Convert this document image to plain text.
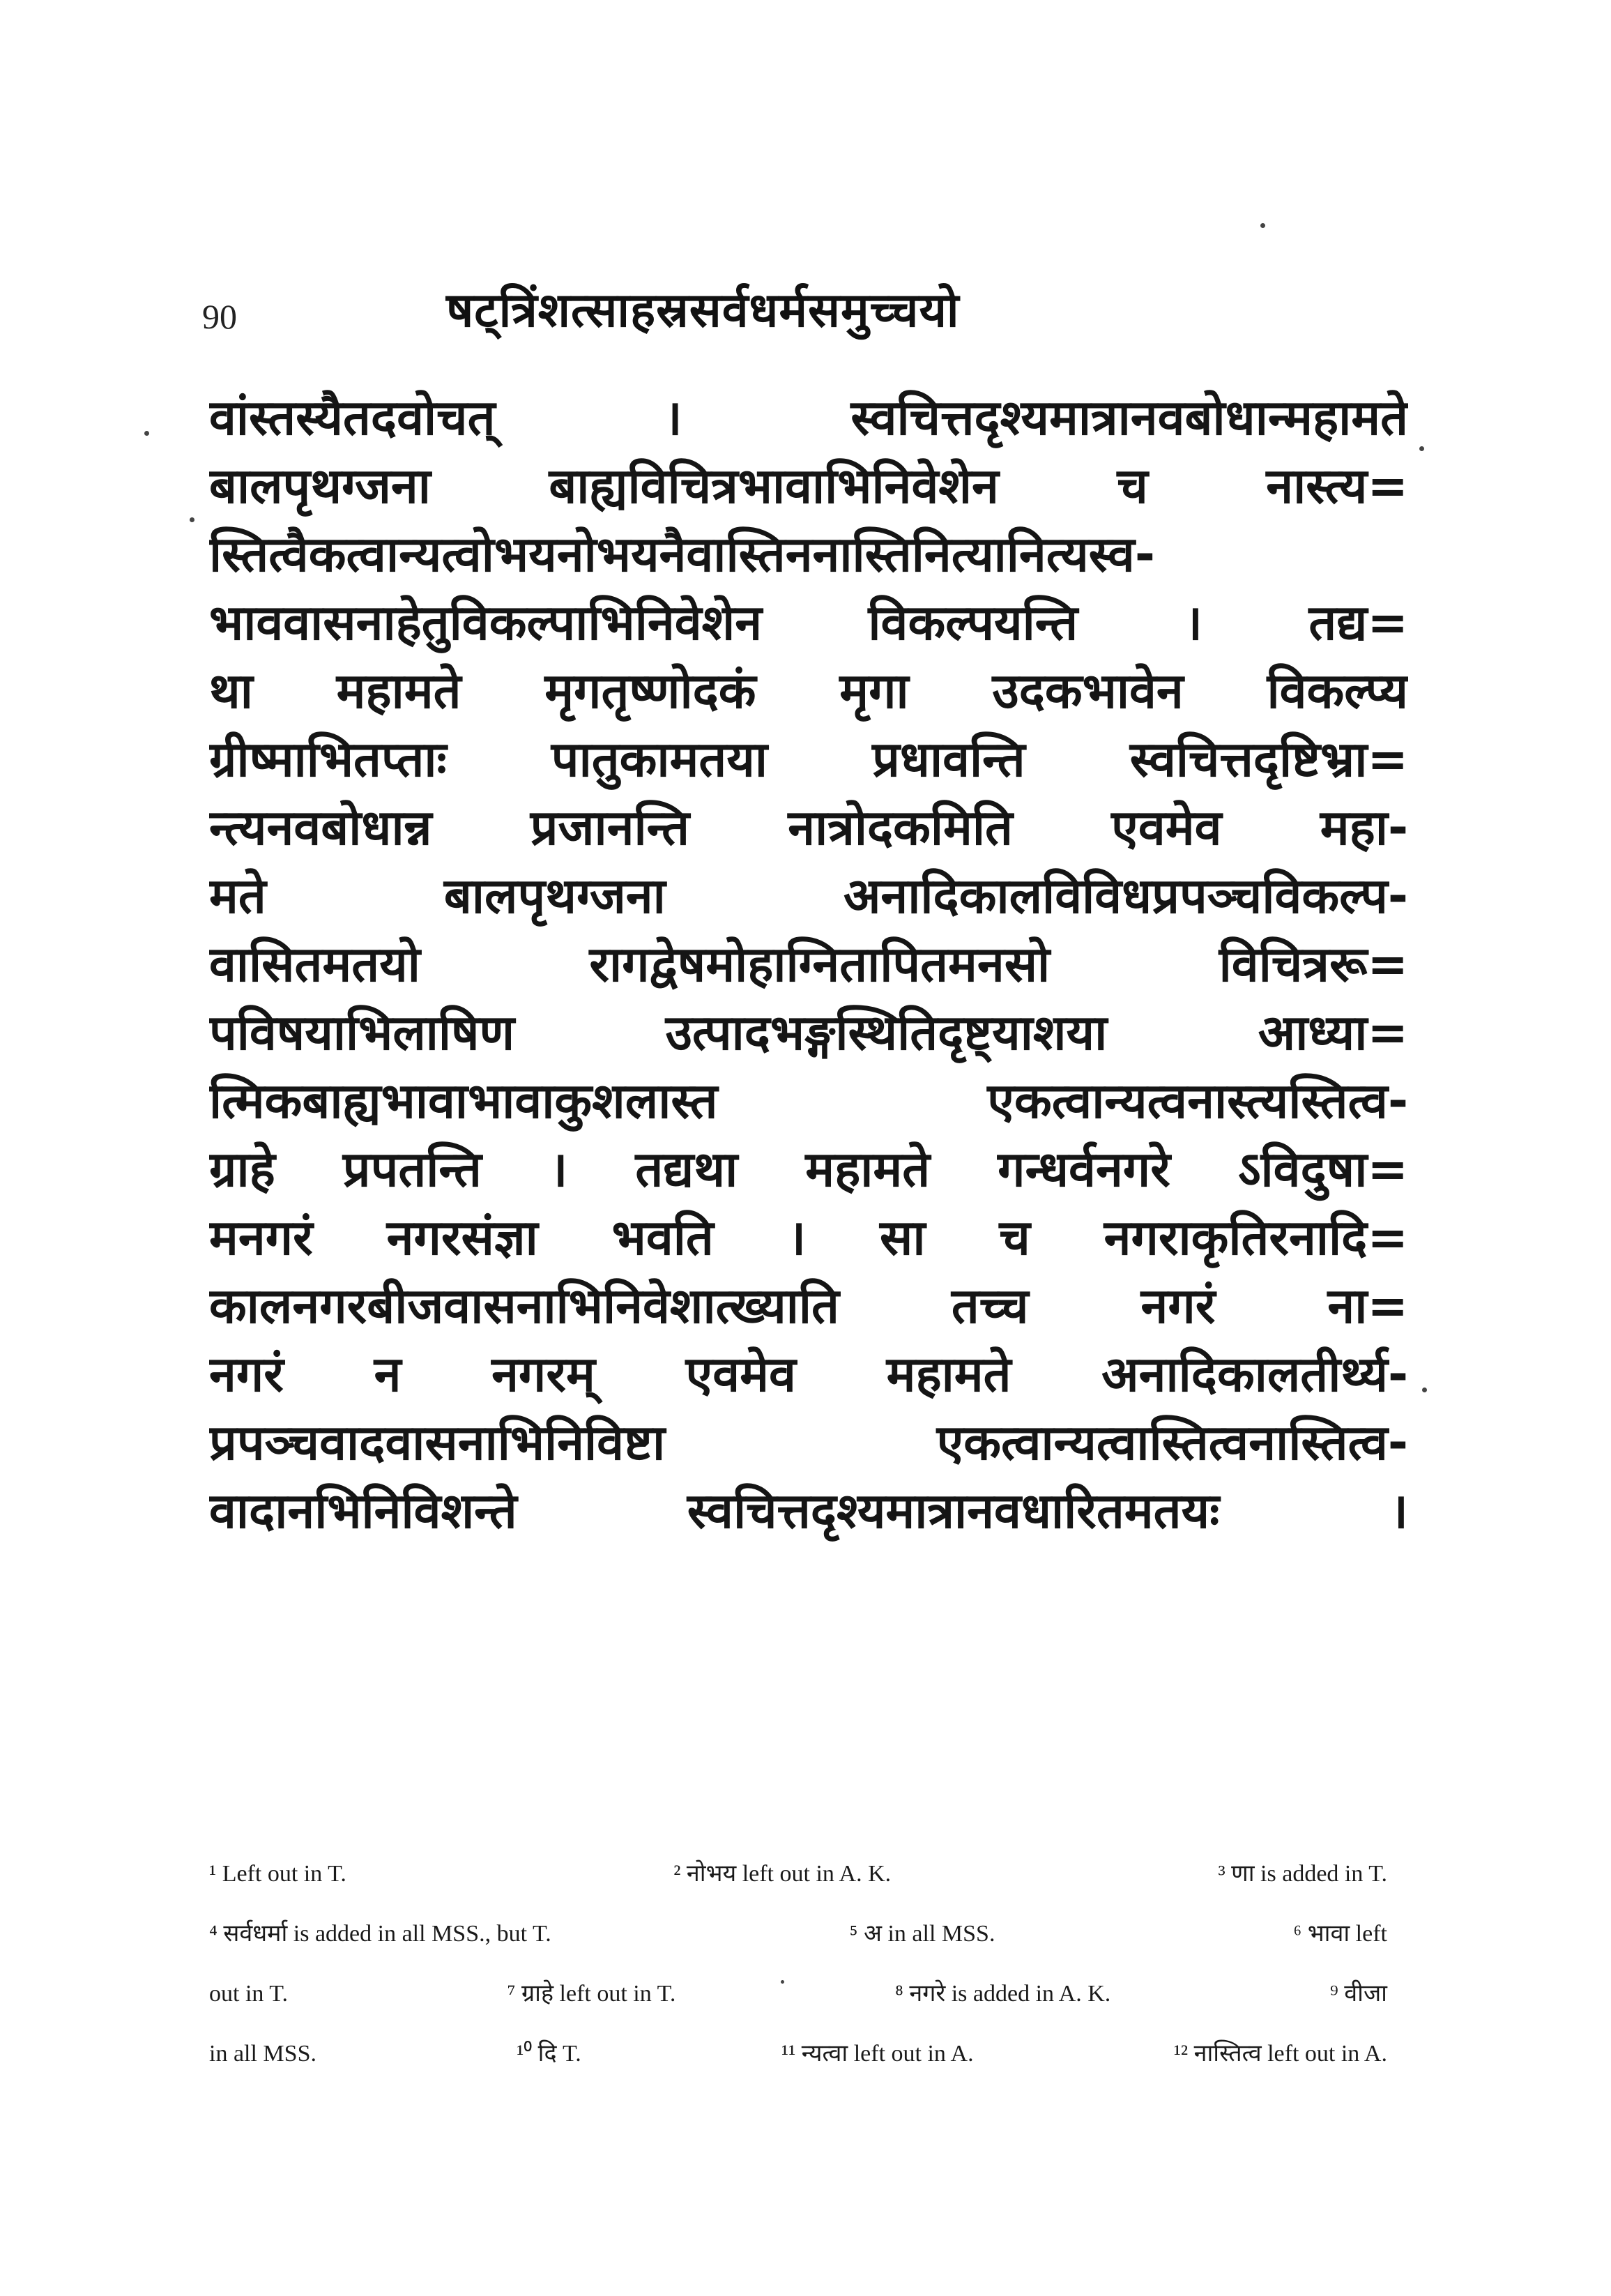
90	षट्त्रिंशत्साहस्रसर्वधर्मसमुच्चयो
वांस्तस्यैतदवोचत् । स्वचित्तदृश्यमात्रानवबोधान्महामते
बालपृथग्जना बाह्यविचित्रभावाभिनिवेशेन च नास्त्य=
स्तित्वैकत्वान्यत्वोभयनोभयनैवास्तिननास्तिनित्यानित्यस्व-
भाववासनाहेतुविकल्पाभिनिवेशेन विकल्पयन्ति । तद्य=
था महामते मृगतृष्णोदकं मृगा उदकभावेन विकल्प्य
ग्रीष्माभितप्ताः पातुकामतया प्रधावन्ति स्वचित्तदृष्टिभ्रा=
न्त्यनवबोधान्न प्रजानन्ति नात्रोदकमिति एवमेव महा-
मते बालपृथग्जना अनादिकालविविधप्रपञ्चविकल्प-
वासितमतयो रागद्वेषमोहाग्नितापितमनसो विचित्ररू=
पविषयाभिलाषिण उत्पादभङ्गस्थितिदृष्ट्याशया आध्या=
त्मिकबाह्यभावाभावाकुशलास्त एकत्वान्यत्वनास्त्यस्तित्व-
ग्राहे प्रपतन्ति । तद्यथा महामते गन्धर्वनगरे ऽविदुषा=
मनगरं नगरसंज्ञा भवति । सा च नगराकृतिरनादि=
कालनगरबीजवासनाभिनिवेशात्ख्याति तच्च नगरं ना=
नगरं न नगरम् एवमेव महामते अनादिकालतीर्थ्य-
प्रपञ्चवादवासनाभिनिविष्टा एकत्वान्यत्वास्तित्वनास्तित्व-
वादानभिनिविशन्ते स्वचित्तदृश्यमात्रानवधारितमतयः ।
¹ Left out in T.	² नोभय left out in A. K.	³ णा is added in T.
⁴ सर्वधर्मा is added in all MSS., but T.	⁵ अ in all MSS.	⁶ भावा left
out in T.	⁷ ग्राहे left out in T.	⁸ नगरे is added in A. K.	⁹ वीजा
in all MSS.	¹⁰ दि T.	¹¹ न्यत्वा left out in A.	¹² नास्तित्व left out in A.
